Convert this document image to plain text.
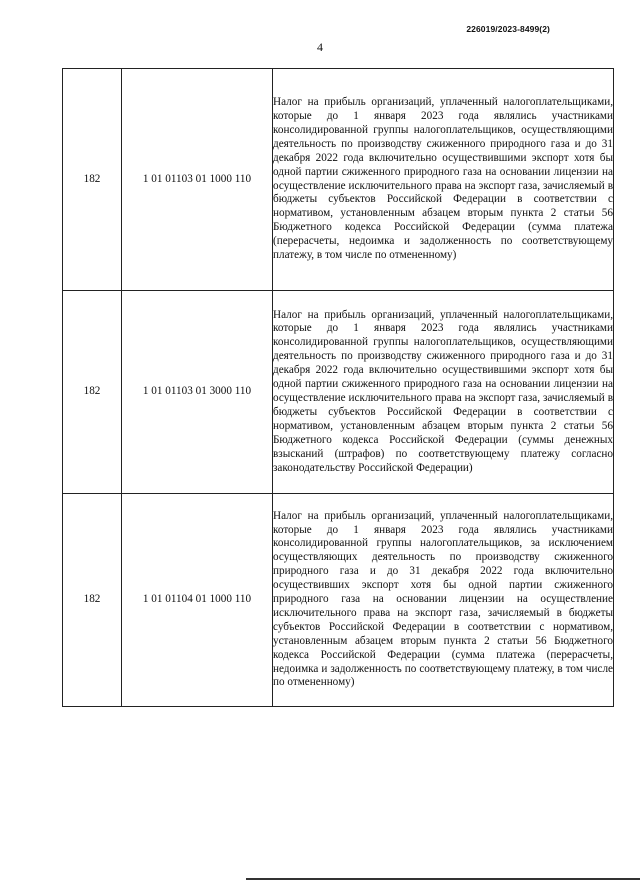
226019/2023-8499(2)
4
182	1 01 01103 01 1000 110	Налог на прибыль организаций, уплаченный налогоплательщиками, которые до 1 января 2023 года являлись участниками консолидированной группы налогоплательщиков, осуществляющими деятельность по производству сжиженного природного газа и до 31 декабря 2022 года включительно осуществившими экспорт хотя бы одной партии сжиженного природного газа на основании лицензии на осуществление исключительного права на экспорт газа, зачисляемый в бюджеты субъектов Российской Федерации в соответствии с нормативом, установленным абзацем вторым пункта 2 статьи 56 Бюджетного кодекса Российской Федерации (сумма платежа (перерасчеты, недоимка и задолженность по соответствующему платежу, в том числе по отмененному)
182	1 01 01103 01 3000 110	Налог на прибыль организаций, уплаченный налогоплательщиками, которые до 1 января 2023 года являлись участниками консолидированной группы налогоплательщиков, осуществляющими деятельность по производству сжиженного природного газа и до 31 декабря 2022 года включительно осуществившими экспорт хотя бы одной партии сжиженного природного газа на основании лицензии на осуществление исключительного права на экспорт газа, зачисляемый в бюджеты субъектов Российской Федерации в соответствии с нормативом, установленным абзацем вторым пункта 2 статьи 56 Бюджетного кодекса Российской Федерации (суммы денежных взысканий (штрафов) по соответствующему платежу согласно законодательству Российской Федерации)
182	1 01 01104 01 1000 110	Налог на прибыль организаций, уплаченный налогоплательщиками, которые до 1 января 2023 года являлись участниками консолидированной группы налогоплательщиков, за исключением осуществляющих деятельность по производству сжиженного природного газа и до 31 декабря 2022 года включительно осуществивших экспорт хотя бы одной партии сжиженного природного газа на основании лицензии на осуществление исключительного права на экспорт газа, зачисляемый в бюджеты субъектов Российской Федерации в соответствии с нормативом, установленным абзацем вторым пункта 2 статьи 56 Бюджетного кодекса Российской Федерации (сумма платежа (перерасчеты, недоимка и задолженность по соответствующему платежу, в том числе по отмененному)
